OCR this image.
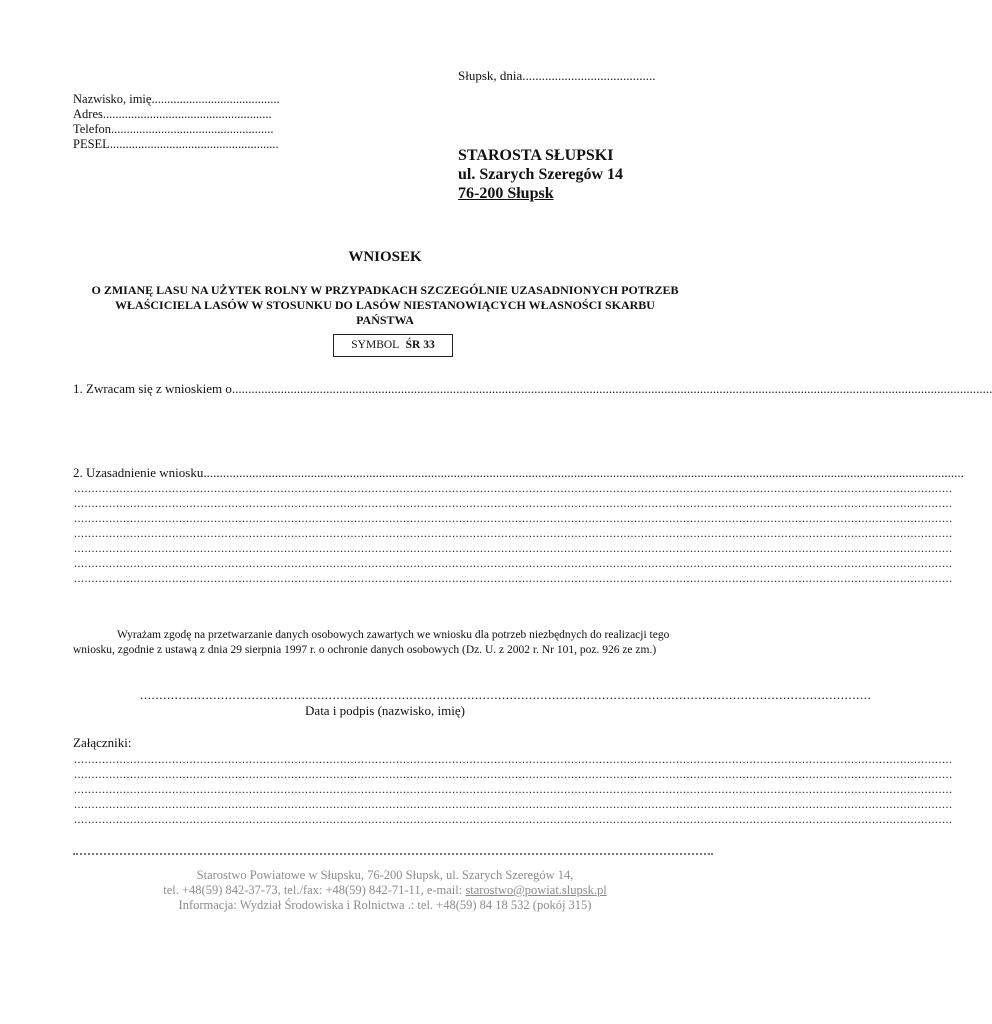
Słupsk, dnia.........................................
Nazwisko, imię.........................................
Adres......................................................
Telefon....................................................
PESEL......................................................
STAROSTA SŁUPSKI
ul. Szarych Szeregów 14
76-200 Słupsk
WNIOSEK
O ZMIANĘ LASU NA UŻYTEK ROLNY W PRZYPADKACH SZCZEGÓLNIE UZASADNIONYCH POTRZEB
WŁAŚCICIELA LASÓW W STOSUNKU DO LASÓW NIESTANOWIĄCYCH WŁASNOŚCI SKARBU
PAŃSTWA
SYMBOL ŚR 33
1. Zwracam się z wnioskiem o .....
2. Uzasadnienie wniosku .....
.....
.....
.....
.....
.....
.....
.....
Wyrażam zgodę na przetwarzanie danych osobowych zawartych we wniosku dla potrzeb niezbędnych do realizacji tego
wniosku, zgodnie z ustawą z dnia 29 sierpnia 1997 r. o ochronie danych osobowych (Dz. U. z 2002 r. Nr 101, poz. 926 ze zm.)
..............................................................................................................................................................................................
Data i podpis (nazwisko, imię)
Załączniki:
.....
.....
.....
.....
.....
Starostwo Powiatowe w Słupsku, 76-200 Słupsk, ul. Szarych Szeregów 14,
tel. +48(59) 842-37-73, tel./fax: +48(59) 842-71-11, e-mail: starostwo@powiat.slupsk.pl
Informacja: Wydział Środowiska i Rolnictwa .: tel. +48(59) 84 18 532 (pokój 315)
